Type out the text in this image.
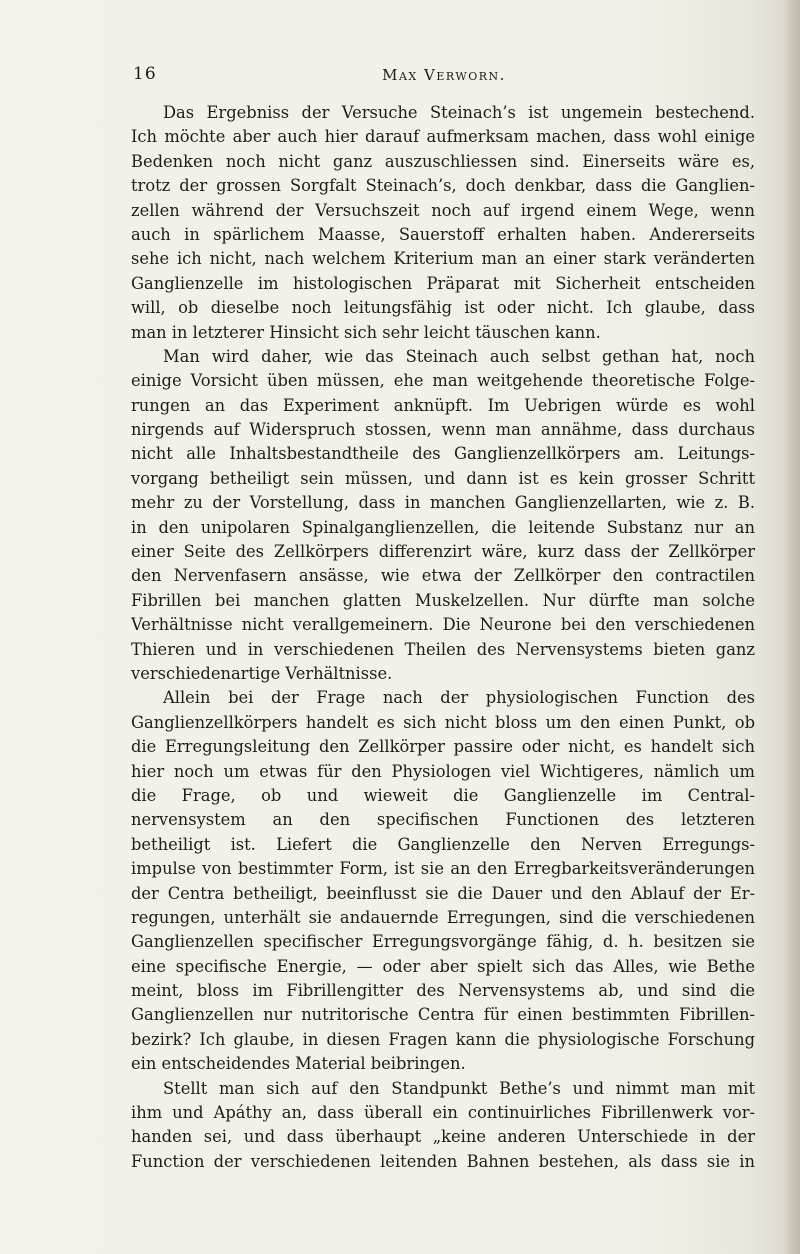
16	Max Verworn.
Das Ergebniss der Versuche Steinach’s ist ungemein bestechend.
Ich möchte aber auch hier darauf aufmerksam machen, dass wohl einige
Bedenken noch nicht ganz auszuschliessen sind. Einerseits wäre es,
trotz der grossen Sorgfalt Steinach’s, doch denkbar, dass die Ganglien-
zellen während der Versuchszeit noch auf irgend einem Wege, wenn
auch in spärlichem Maasse, Sauerstoff erhalten haben. Andererseits
sehe ich nicht, nach welchem Kriterium man an einer stark veränderten
Ganglienzelle im histologischen Präparat mit Sicherheit entscheiden
will, ob dieselbe noch leitungsfähig ist oder nicht. Ich glaube, dass
man in letzterer Hinsicht sich sehr leicht täuschen kann.
Man wird daher, wie das Steinach auch selbst gethan hat, noch
einige Vorsicht üben müssen, ehe man weitgehende theoretische Folge-
rungen an das Experiment anknüpft. Im Uebrigen würde es wohl
nirgends auf Widerspruch stossen, wenn man annähme, dass durchaus
nicht alle Inhaltsbestandtheile des Ganglienzellkörpers am. Leitungs-
vorgang betheiligt sein müssen, und dann ist es kein grosser Schritt
mehr zu der Vorstellung, dass in manchen Ganglienzellarten, wie z. B.
in den unipolaren Spinalganglienzellen, die leitende Substanz nur an
einer Seite des Zellkörpers differenzirt wäre, kurz dass der Zellkörper
den Nervenfasern ansässe, wie etwa der Zellkörper den contractilen
Fibrillen bei manchen glatten Muskelzellen. Nur dürfte man solche
Verhältnisse nicht verallgemeinern. Die Neurone bei den verschiedenen
Thieren und in verschiedenen Theilen des Nervensystems bieten ganz
verschiedenartige Verhältnisse.
Allein bei der Frage nach der physiologischen Function des
Ganglienzellkörpers handelt es sich nicht bloss um den einen Punkt, ob
die Erregungsleitung den Zellkörper passire oder nicht, es handelt sich
hier noch um etwas für den Physiologen viel Wichtigeres, nämlich um
die Frage, ob und wieweit die Ganglienzelle im Central-
nervensystem an den specifischen Functionen des letzteren
betheiligt ist. Liefert die Ganglienzelle den Nerven Erregungs-
impulse von bestimmter Form, ist sie an den Erregbarkeitsveränderungen
der Centra betheiligt, beeinflusst sie die Dauer und den Ablauf der Er-
regungen, unterhält sie andauernde Erregungen, sind die verschiedenen
Ganglienzellen specifischer Erregungsvorgänge fähig, d. h. besitzen sie
eine specifische Energie, — oder aber spielt sich das Alles, wie Bethe
meint, bloss im Fibrillengitter des Nervensystems ab, und sind die
Ganglienzellen nur nutritorische Centra für einen bestimmten Fibrillen-
bezirk? Ich glaube, in diesen Fragen kann die physiologische Forschung
ein entscheidendes Material beibringen.
Stellt man sich auf den Standpunkt Bethe’s und nimmt man mit
ihm und Apáthy an, dass überall ein continuirliches Fibrillenwerk vor-
handen sei, und dass überhaupt „keine anderen Unterschiede in der
Function der verschiedenen leitenden Bahnen bestehen, als dass sie in
